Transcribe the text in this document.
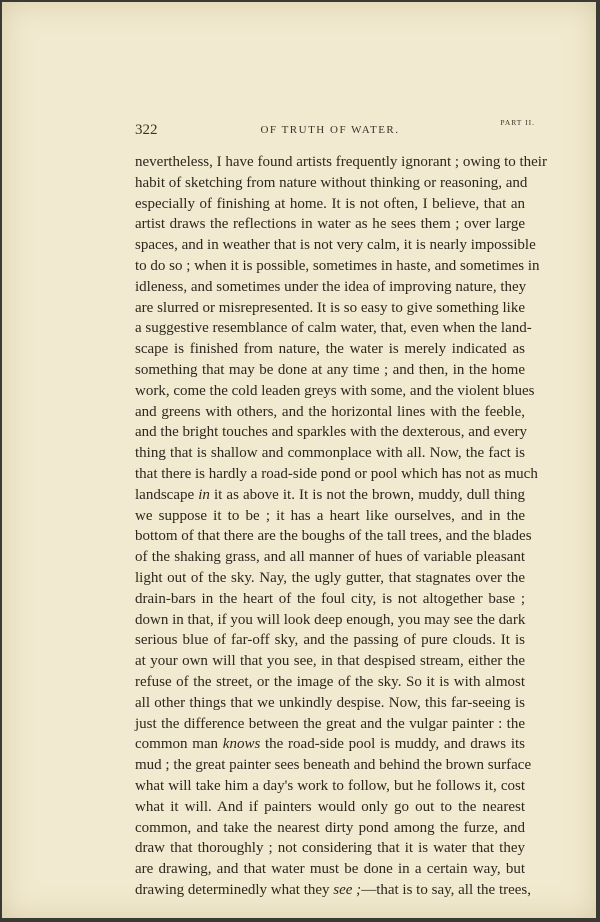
322	OF TRUTH OF WATER.
PART II.
nevertheless, I have found artists frequently ignorant ; owing to their
habit of sketching from nature without thinking or reasoning, and
especially of finishing at home. It is not often, I believe, that an
artist draws the reflections in water as he sees them ; over large
spaces, and in weather that is not very calm, it is nearly impossible
to do so ; when it is possible, sometimes in haste, and sometimes in
idleness, and sometimes under the idea of improving nature, they
are slurred or misrepresented. It is so easy to give something like
a suggestive resemblance of calm water, that, even when the land-
scape is finished from nature, the water is merely indicated as
something that may be done at any time ; and then, in the home
work, come the cold leaden greys with some, and the violent blues
and greens with others, and the horizontal lines with the feeble,
and the bright touches and sparkles with the dexterous, and every
thing that is shallow and commonplace with all. Now, the fact is
that there is hardly a road-side pond or pool which has not as much
landscape in it as above it. It is not the brown, muddy, dull thing
we suppose it to be ; it has a heart like ourselves, and in the
bottom of that there are the boughs of the tall trees, and the blades
of the shaking grass, and all manner of hues of variable pleasant
light out of the sky. Nay, the ugly gutter, that stagnates over the
drain-bars in the heart of the foul city, is not altogether base ;
down in that, if you will look deep enough, you may see the dark
serious blue of far-off sky, and the passing of pure clouds. It is
at your own will that you see, in that despised stream, either the
refuse of the street, or the image of the sky. So it is with almost
all other things that we unkindly despise. Now, this far-seeing is
just the difference between the great and the vulgar painter : the
common man knows the road-side pool is muddy, and draws its
mud ; the great painter sees beneath and behind the brown surface
what will take him a day's work to follow, but he follows it, cost
what it will. And if painters would only go out to the nearest
common, and take the nearest dirty pond among the furze, and
draw that thoroughly ; not considering that it is water that they
are drawing, and that water must be done in a certain way, but
drawing determinedly what they see ;—that is to say, all the trees,
